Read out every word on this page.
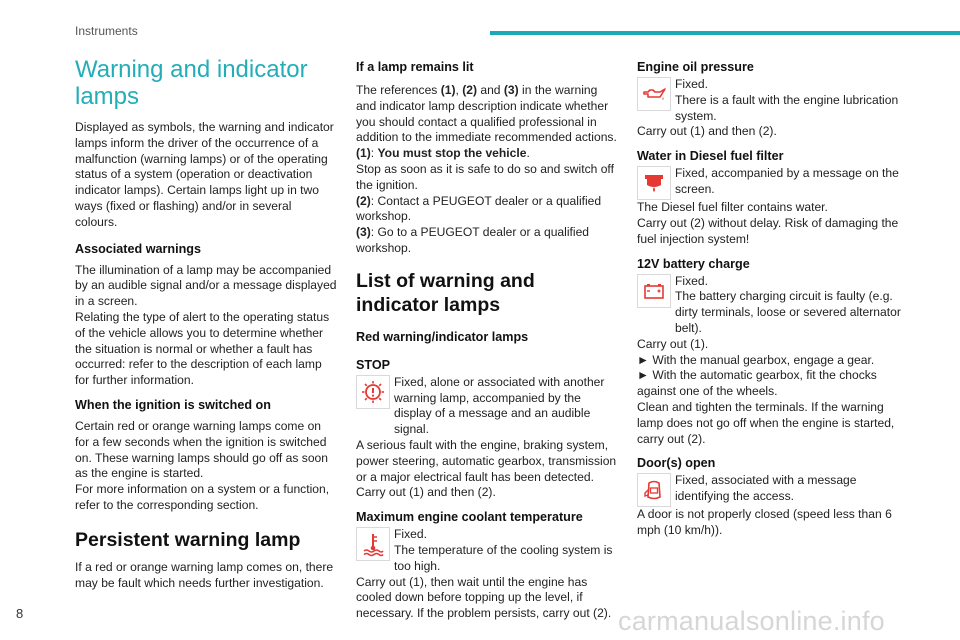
Instruments
Warning and indicator lamps

Displayed as symbols, the warning and indicator lamps inform the driver of the occurrence of a malfunction (warning lamps) or of the operating status of a system (operation or deactivation indicator lamps). Certain lamps light up in two ways (fixed or flashing) and/or in several colours.

Associated warnings

The illumination of a lamp may be accompanied by an audible signal and/or a message displayed in a screen.

Relating the type of alert to the operating status of the vehicle allows you to determine whether the situation is normal or whether a fault has occurred: refer to the description of each lamp for further information.

When the ignition is switched on

Certain red or orange warning lamps come on for a few seconds when the ignition is switched on. These warning lamps should go off as soon as the engine is started.

For more information on a system or a function, refer to the corresponding section.

Persistent warning lamp

If a red or orange warning lamp comes on, there may be fault which needs further investigation.

If a lamp remains lit

The references (1), (2) and (3) in the warning and indicator lamp description indicate whether you should contact a qualified professional in addition to the immediate recommended actions.

(1): You must stop the vehicle.

Stop as soon as it is safe to do so and switch off the ignition.

(2): Contact a PEUGEOT dealer or a qualified workshop.

(3): Go to a PEUGEOT dealer or a qualified workshop.

List of warning and indicator lamps
Red warning/indicator lamps
STOP
Fixed, alone or associated with another warning lamp, accompanied by the display of a message and an audible signal.

A serious fault with the engine, braking system, power steering, automatic gearbox, transmission or a major electrical fault has been detected.

Carry out (1) and then (2).

Maximum engine coolant temperature
Fixed.
The temperature of the cooling system is too high.

Carry out (1), then wait until the engine has cooled down before topping up the level, if necessary. If the problem persists, carry out (2).

Engine oil pressure
Fixed.
There is a fault with the engine lubrication system.

Carry out (1) and then (2).

Water in Diesel fuel filter
Fixed, accompanied by a message on the screen.

The Diesel fuel filter contains water.

Carry out (2) without delay. Risk of damaging the fuel injection system!

12V battery charge
Fixed.
The battery charging circuit is faulty (e.g. dirty terminals, loose or severed alternator belt).

Carry out (1).

► With the manual gearbox, engage a gear.

► With the automatic gearbox, fit the chocks against one of the wheels.

Clean and tighten the terminals. If the warning lamp does not go off when the engine is started, carry out (2).

Door(s) open
Fixed, associated with a message identifying the access.

A door is not properly closed (speed less than 6 mph (10 km/h)).

8	carmanualsonline.info
